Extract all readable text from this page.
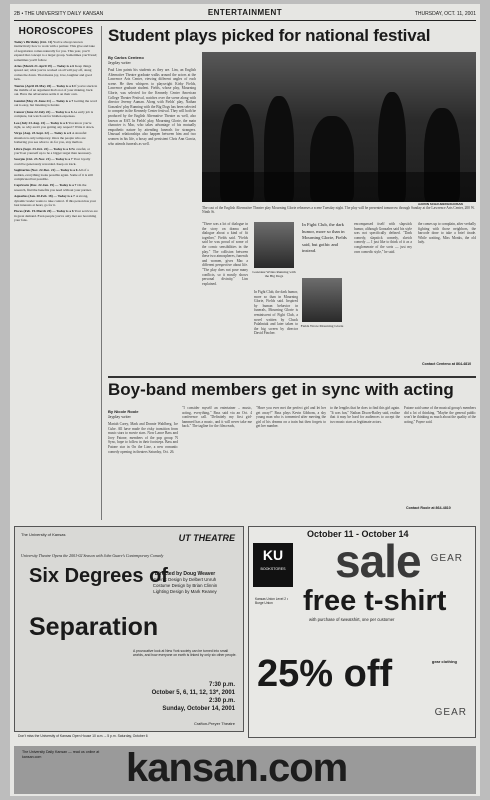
2B • THE UNIVERSITY DAILY KANSAN	ENTERTAINMENT	THURSDAY, OCT. 11, 2001
HOROSCOPES

Today's Birthday (Oct. 11) You've always known instinctively how to work with a partner. This give and take of negotiation comes naturally for you. This year, you'll expand that concept to a larger group. Sometimes you'll lead; sometimes you'll follow.

Aries (March 21-April 19) — Today is a 6 Keep things spread out; what you've worked on all will pay off, along comes the dawn. That means joy, love, laughter and good luck.

Taurus (April 20-May 20) — Today is a 6 If you're stuck in the middle of an argument that's not of your making, back out. Have the adversaries settle it on their own.

Gemini (May 21-June 21) — Today is a 7 Getting the word out is easy, but listening is harder.

Cancer (June 22-July 22) — Today is a 6 As early job is complete, but watch out for hidden expenses.

Leo (July 23-Aug. 22) — Today is a 6 You know you're right, so why aren't you getting any respect? Write it down.

Virgo (Aug. 23-Sept. 22) — Today is a 6 A stressful situation is only temporary. Once the people who are bothering you see what to do for you, stay mellow.

Libra (Sept. 23-Oct. 22) — Today is a 6 Be careful, or you'll set yourself up to be a bigger target than necessary.

Scorpio (Oct. 23-Nov. 21) — Today is a 7 Your loyalty could be generously rewarded. Keep on track.

Sagittarius (Nov. 22-Dec. 21) — Today is a 6 All of a sudden, everything looks possible again. Some of it is still complicated but possible.

Capricorn (Dec. 22-Jan. 19) — Today is a 7 On the research, find the benefits you need without your partner.

Aquarius (Jan. 20-Feb. 18) — Today is a 7 A strong, dynamic leader wants to take control. If this person has your best interests at heart, go for it.

Pisces (Feb. 19-March 20) — Today is a 6 Your services are in great demand. Even people you've only met are becoming your fans.

Student plays picked for national festival

By Carlos Centeno
Jayplay writer

Paul Lim paints his students as they are. Lim, an English Alternative Theatre graduate walks around the actors at the Lawrence Arts Center, viewing different angles of each scene. He then whispers to playwright Kirby Fields, Lawrence graduate student. Fields, whose play, Mourning Glorie, was selected for the Kennedy Center American College Theater Festival, watches over the scene along with director Jeremy Auman. Along with Fields' play, Nathan Gonzalez' play Running with the Big Dogs has been selected to compete in the Kennedy Center festival. They will both be produced by the English Alternative Theatre as well, also known as EAT. In Fields' play, Mourning Glorie, the main character is Mac, who takes advantage of his mutually empathetic nature by attending funerals for strangers. Unusual relationships also happen between him and two women in his life, a bossy and persistent Chris Ann Garcia, who attends funerals as well.

The cast of the English Alternative Theater play Mourning Glorie rehearses a scene Tuesday night. The play will be presented tomorrow through Sunday at the Lawrence Arts Center, 200 W. Ninth St.

AARON SCHAUBERG/KANSAN

"There was a lot of dialogue in the story on drama and dialogue about a kind of fit together," Fields said. "Fields said he was proud of some of the comic sensibilities in the play." The collision between these two atmospheres, funerals and women, gives Mac a different perspective about life. "The play does not pose many conflicts, so it mostly shows personal divinity," Lim explained.

Gonzalez Writes Running with the Big Dogs

In Fight Club, the dark humor, more so than in Mourning Glorie, Fields said, but gothic and instead.

Fields Wrote Mourning Glorie

In Fight Club, the dark humor, more so than in Mourning Glorie, Fields said. Inspired by human behavior in funerals, Mourning Glorie is reminiscent of Fight Club, a novel written by Chuck Palahniuk and later taken to the big screen by director David Fincher.

encompassed itself with slapstick humor, although Gonzalez said his style was not specifically defined. "Dark comedy, slapstick comedy, sketch comedy — I just like to think of it as a conglomerate of the sorts — just my own comedic style," he said.

the comes up to complain, after verbally fighting with those neighbors, the barcode done to take a brief tirade. While waiting, Miss Monks, the old lady.

Contact Centeno at 864-4810
Boy-band members get in sync with acting

By Nicole Roole
Jayplay writer

Mariah Carey, Mark and Donnie Wahlberg, Ice Cube. All have made the risky transition from music stars to movie stars. Now Lance Bass and Joey Fatone, members of the pop group 'N Sync, hope to follow in their footsteps. Bass and Fatone star in On the Line, a new romantic comedy opening in theaters Saturday, Oct. 26.

"I consider myself an entertainer – music, acting, everything," Bass said via an Oct. 4 conference call. "Definitely my first girl-hammed has a music, and it will never take me back." The tagline for the film reads,

"Have you ever met the perfect girl and let her get away?" Bass plays Kevin Gibbons, a shy young man who is tormented after meeting the girl of his dreams on a train but then forgets to get her number.

to the lengths that he does to find this girl again. "It was fun," Nathan Dixon-Bailey said, realize that it may be hard for audiences to accept the two music stars as legitimate actors.

Fatone said some of the musical group's members did a lot of thinking. "Maybe the general public won't be thinking as much about the quality of the acting," Payne said.

Contact Roole at 864-4810
The University of Kansas	UT THEATRE
University Theatre Opens the 2001-02 Season with John Guare's Contemporary Comedy
Six Degrees of
Separation
Directed by Doug Weaver
Scenic Design by Delbert Unruh
Costume Design by Brian Clinnin
Lighting Design by Mark Reaney
A provocative look at New York society can be turned into small worlds, and how everyone on earth is linked by only six other people.
7:30 p.m.
October 5, 6, 11, 12, 13*, 2001
2:30 p.m.
Sunday, October 14, 2001
Crafton-Preyer Theatre
Don't miss the University of Kansas Open House 10 a.m. – 5 p.m. Saturday, October 6
October 11 - October 14
KU
BOOKSTORES
Kansas Union Level 2 • Burge Union
sale GEAR
free t-shirt
with purchase of sweatshirt, one per customer
25% off	gear clothing
GEAR
The University Daily Kansan — read us online at kansan.com	kansan.com
